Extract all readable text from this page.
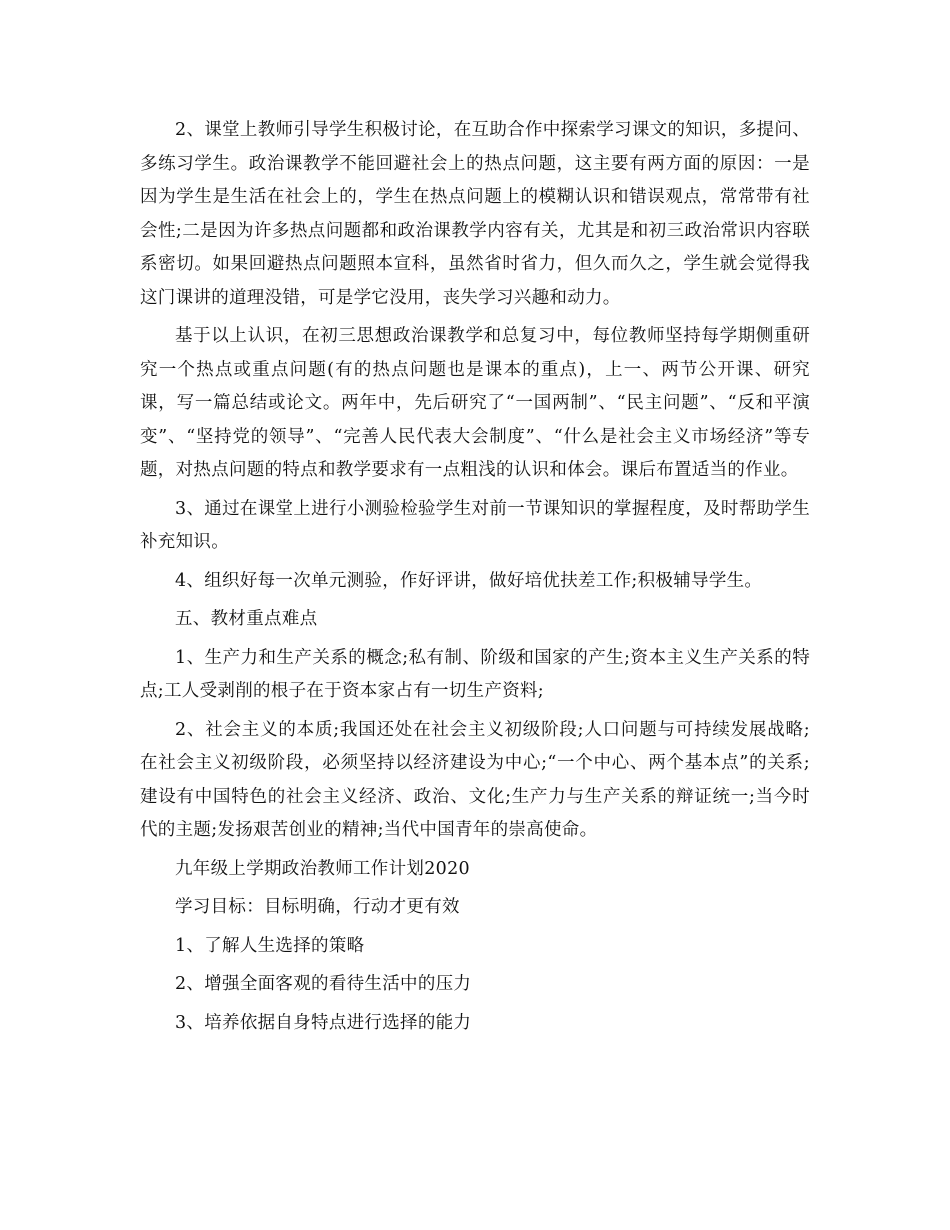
2、课堂上教师引导学生积极讨论，在互助合作中探索学习课文的知识，多提问、多练习学生。政治课教学不能回避社会上的热点问题，这主要有两方面的原因：一是因为学生是生活在社会上的，学生在热点问题上的模糊认识和错误观点，常常带有社会性;二是因为许多热点问题都和政治课教学内容有关，尤其是和初三政治常识内容联系密切。如果回避热点问题照本宣科，虽然省时省力，但久而久之，学生就会觉得我这门课讲的道理没错，可是学它没用，丧失学习兴趣和动力。

基于以上认识，在初三思想政治课教学和总复习中，每位教师坚持每学期侧重研究一个热点或重点问题(有的热点问题也是课本的重点)，上一、两节公开课、研究课，写一篇总结或论文。两年中，先后研究了“一国两制”、“民主问题”、“反和平演变”、“坚持党的领导”、“完善人民代表大会制度”、“什么是社会主义市场经济”等专题，对热点问题的特点和教学要求有一点粗浅的认识和体会。课后布置适当的作业。

3、通过在课堂上进行小测验检验学生对前一节课知识的掌握程度，及时帮助学生补充知识。

4、组织好每一次单元测验，作好评讲，做好培优扶差工作;积极辅导学生。

五、教材重点难点

1、生产力和生产关系的概念;私有制、阶级和国家的产生;资本主义生产关系的特点;工人受剥削的根子在于资本家占有一切生产资料;

2、社会主义的本质;我国还处在社会主义初级阶段;人口问题与可持续发展战略;在社会主义初级阶段，必须坚持以经济建设为中心;“一个中心、两个基本点”的关系;建设有中国特色的社会主义经济、政治、文化;生产力与生产关系的辩证统一;当今时代的主题;发扬艰苦创业的精神;当代中国青年的崇高使命。

九年级上学期政治教师工作计划2020

学习目标：目标明确，行动才更有效

1、了解人生选择的策略

2、增强全面客观的看待生活中的压力

3、培养依据自身特点进行选择的能力
